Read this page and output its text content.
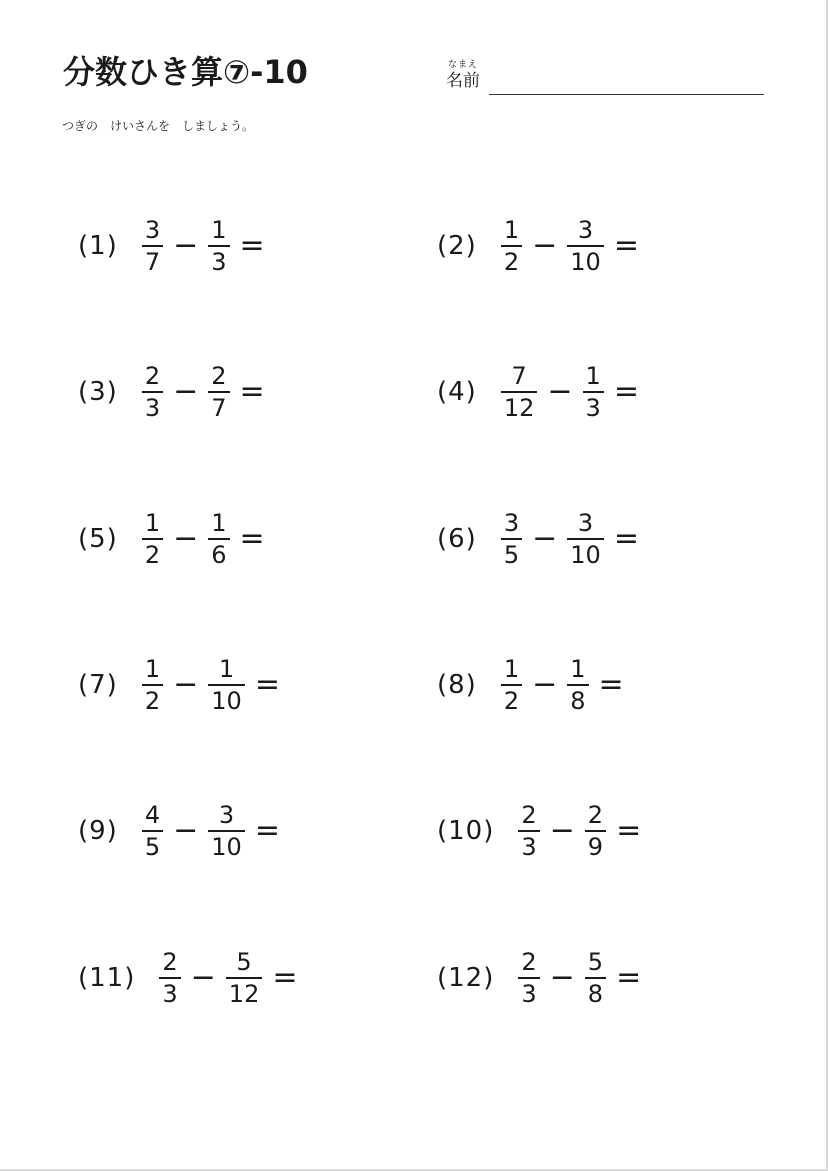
分数ひき算⑦-10	なまえ
名前
つぎの　けいさんを　しましょう。
$(1) \frac{3}{7} - \frac{1}{3}$ =	$(2) \frac{1}{2} - \frac{3}{10}$ =
$(3) \frac{2}{3} - \frac{2}{7}$ =	$(4) \frac{7}{12} - \frac{1}{3}$ =
$(5) \frac{1}{2} - \frac{1}{6}$ =	$(6) \frac{3}{5} - \frac{3}{10}$ =
$(7) \frac{1}{2} - \frac{1}{10}$ =	$(8) \frac{1}{2} - \frac{1}{8}$ =
$(9) \frac{4}{5} - \frac{3}{10}$ =	$(10) \frac{2}{3} - \frac{2}{9}$ =
$(11) \frac{2}{3} - \frac{5}{12}$ =	$(12) \frac{2}{3} - \frac{5}{8}$ =
